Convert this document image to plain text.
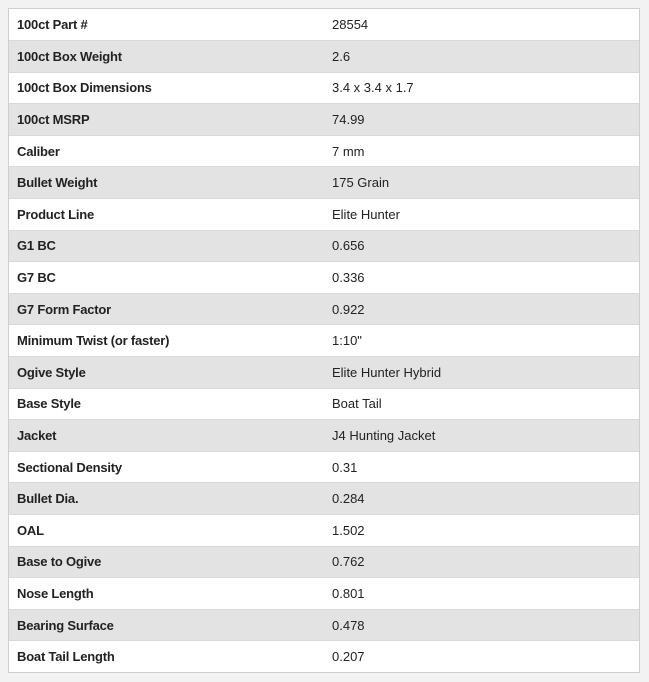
100ct Part #	28554
100ct Box Weight	2.6
100ct Box Dimensions	3.4 x 3.4 x 1.7
100ct MSRP	74.99
Caliber	7 mm
Bullet Weight	175 Grain
Product Line	Elite Hunter
G1 BC	0.656
G7 BC	0.336
G7 Form Factor	0.922
Minimum Twist (or faster)	1:10"
Ogive Style	Elite Hunter Hybrid
Base Style	Boat Tail
Jacket	J4 Hunting Jacket
Sectional Density	0.31
Bullet Dia.	0.284
OAL	1.502
Base to Ogive	0.762
Nose Length	0.801
Bearing Surface	0.478
Boat Tail Length	0.207
